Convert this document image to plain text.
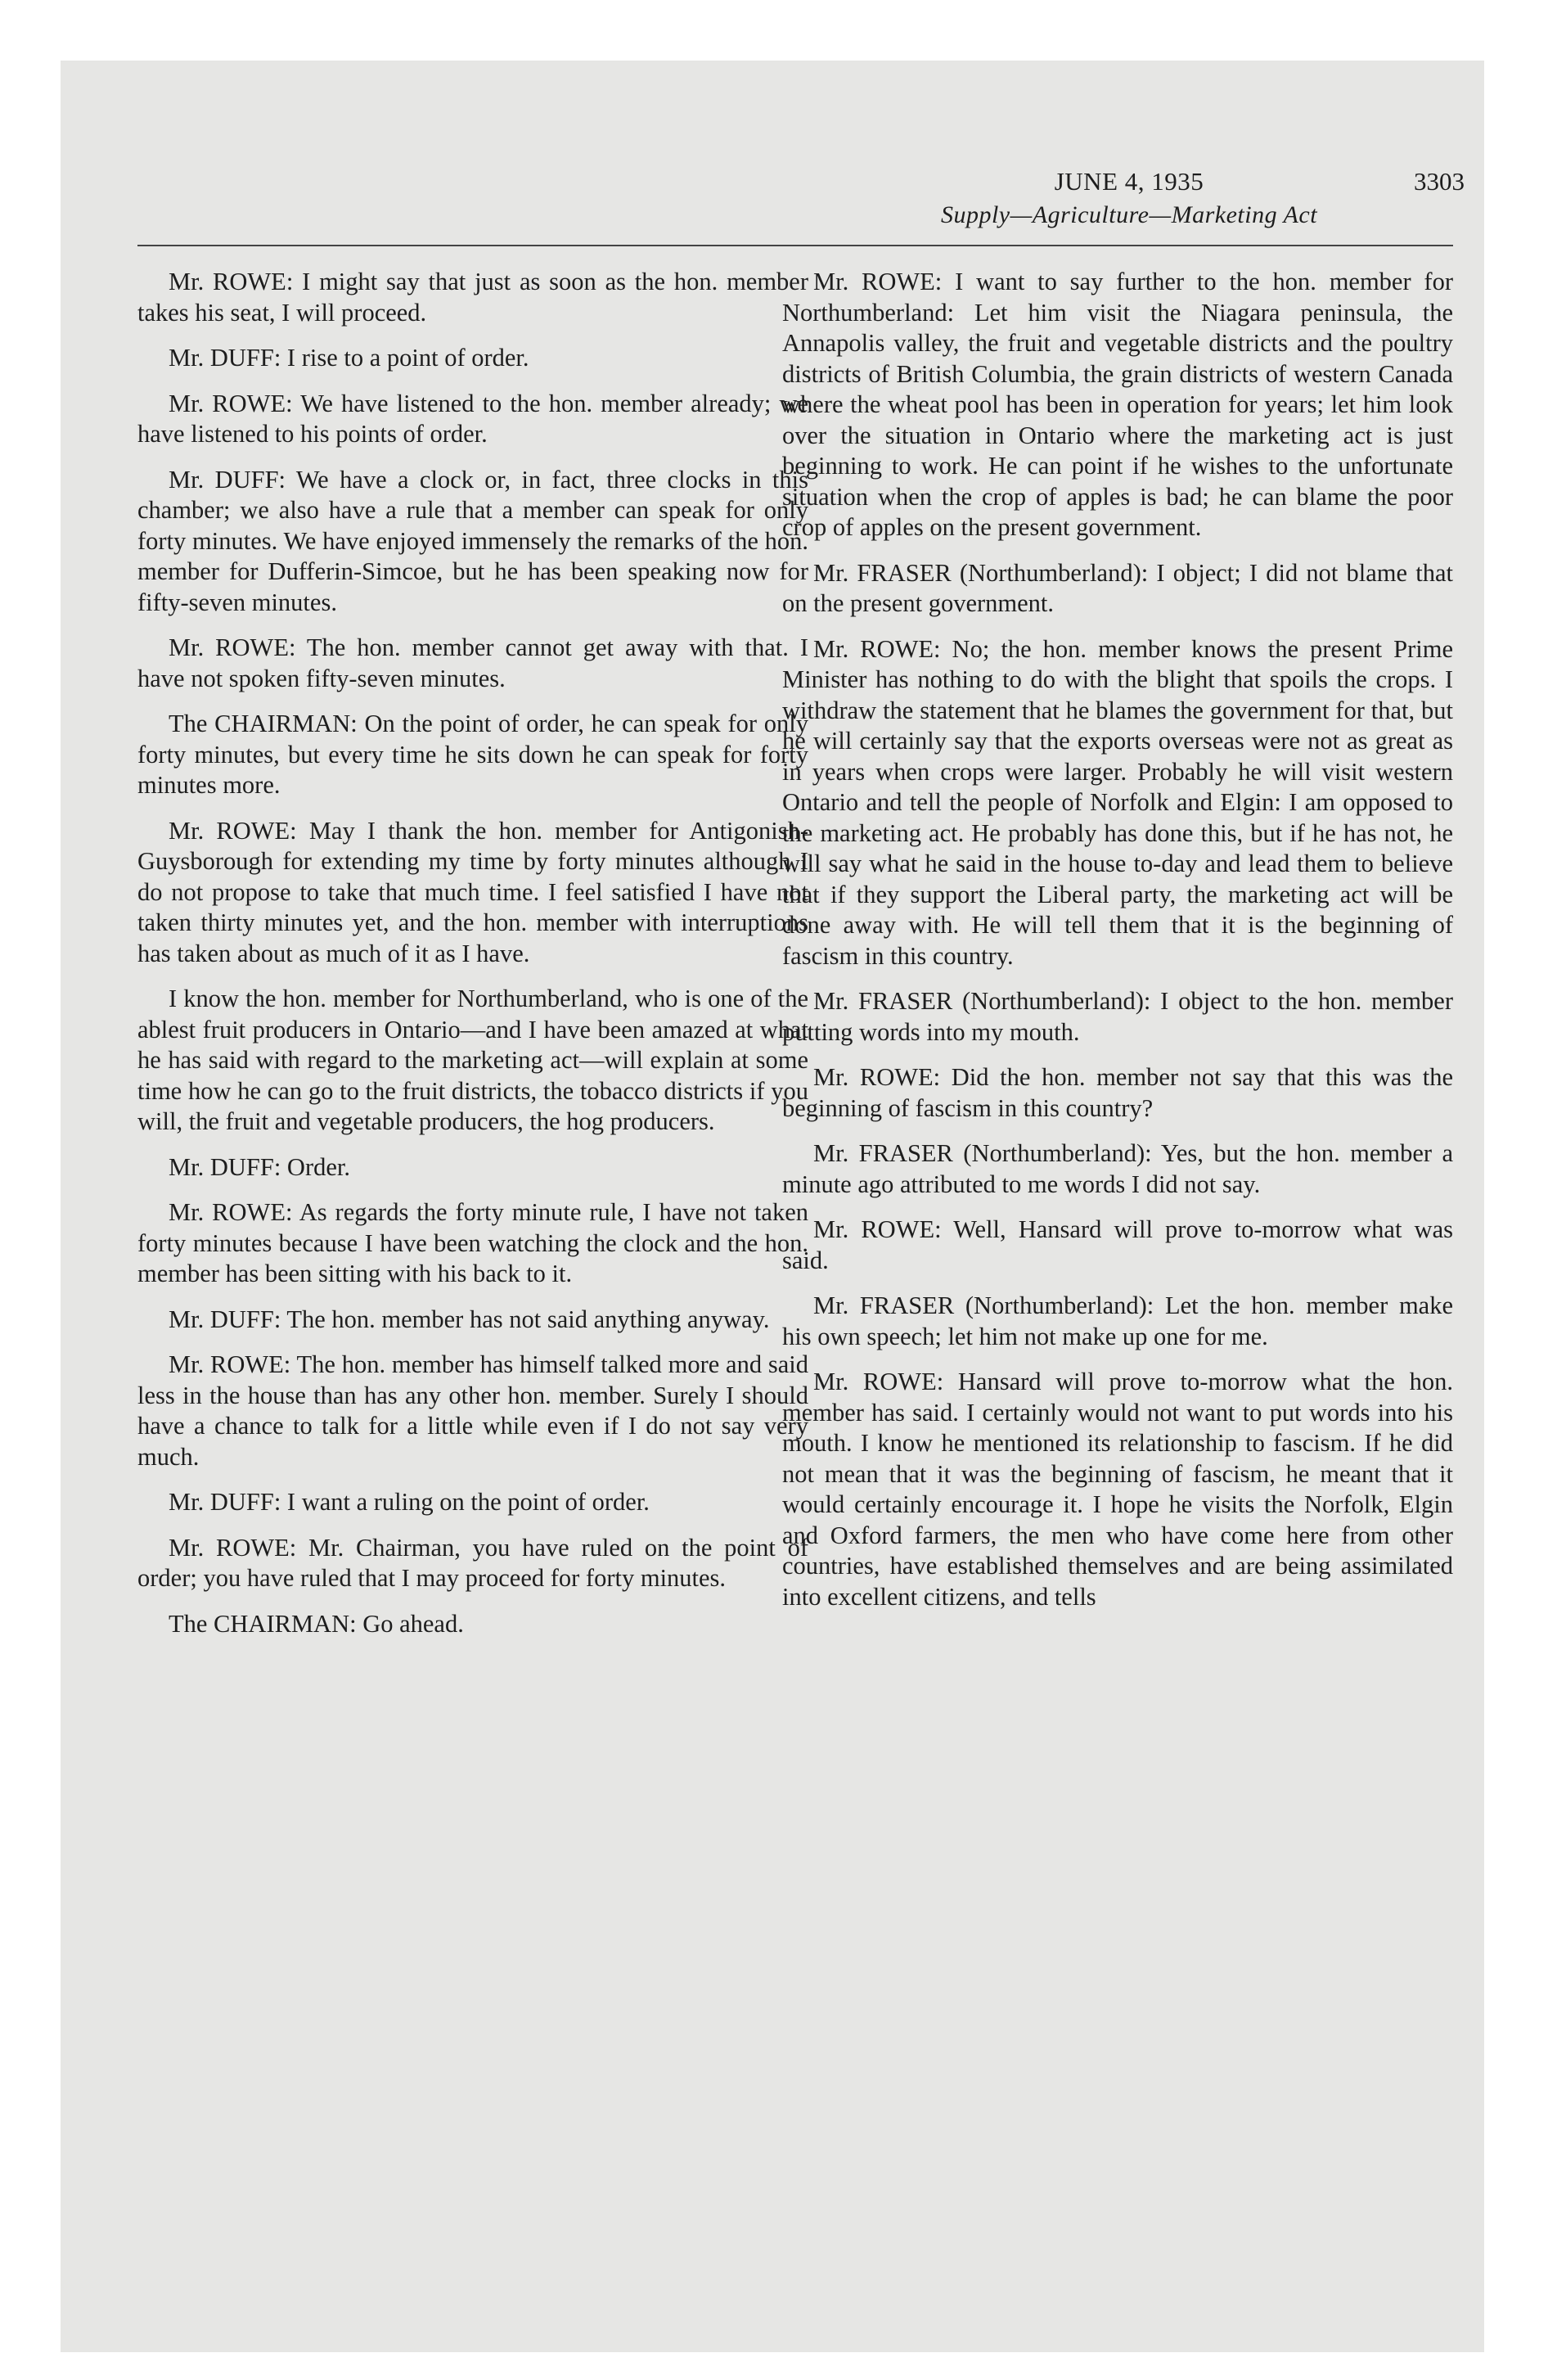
JUNE 4, 1935	3303
Supply—Agriculture—Marketing Act

Mr. ROWE: I might say that just as soon as the hon. member takes his seat, I will proceed.

Mr. DUFF: I rise to a point of order.

Mr. ROWE: We have listened to the hon. member already; we have listened to his points of order.

Mr. DUFF: We have a clock or, in fact, three clocks in this chamber; we also have a rule that a member can speak for only forty minutes. We have enjoyed immensely the remarks of the hon. member for Dufferin-Simcoe, but he has been speaking now for fifty-seven minutes.

Mr. ROWE: The hon. member cannot get away with that. I have not spoken fifty-seven minutes.

The CHAIRMAN: On the point of order, he can speak for only forty minutes, but every time he sits down he can speak for forty minutes more.

Mr. ROWE: May I thank the hon. member for Antigonish-Guysborough for extending my time by forty minutes although I do not propose to take that much time. I feel satisfied I have not taken thirty minutes yet, and the hon. member with interruptions has taken about as much of it as I have.

I know the hon. member for Northumberland, who is one of the ablest fruit producers in Ontario—and I have been amazed at what he has said with regard to the marketing act—will explain at some time how he can go to the fruit districts, the tobacco districts if you will, the fruit and vegetable producers, the hog producers.

Mr. DUFF: Order.

Mr. ROWE: As regards the forty minute rule, I have not taken forty minutes because I have been watching the clock and the hon. member has been sitting with his back to it.

Mr. DUFF: The hon. member has not said anything anyway.

Mr. ROWE: The hon. member has himself talked more and said less in the house than has any other hon. member. Surely I should have a chance to talk for a little while even if I do not say very much.

Mr. DUFF: I want a ruling on the point of order.

Mr. ROWE: Mr. Chairman, you have ruled on the point of order; you have ruled that I may proceed for forty minutes.

The CHAIRMAN: Go ahead.

Mr. ROWE: I want to say further to the hon. member for Northumberland: Let him visit the Niagara peninsula, the Annapolis valley, the fruit and vegetable districts and the poultry districts of British Columbia, the grain districts of western Canada where the wheat pool has been in operation for years; let him look over the situation in Ontario where the marketing act is just beginning to work. He can point if he wishes to the unfortunate situation when the crop of apples is bad; he can blame the poor crop of apples on the present government.

Mr. FRASER (Northumberland): I object; I did not blame that on the present government.

Mr. ROWE: No; the hon. member knows the present Prime Minister has nothing to do with the blight that spoils the crops. I withdraw the statement that he blames the government for that, but he will certainly say that the exports overseas were not as great as in years when crops were larger. Probably he will visit western Ontario and tell the people of Norfolk and Elgin: I am opposed to the marketing act. He probably has done this, but if he has not, he will say what he said in the house to-day and lead them to believe that if they support the Liberal party, the marketing act will be done away with. He will tell them that it is the beginning of fascism in this country.

Mr. FRASER (Northumberland): I object to the hon. member putting words into my mouth.

Mr. ROWE: Did the hon. member not say that this was the beginning of fascism in this country?

Mr. FRASER (Northumberland): Yes, but the hon. member a minute ago attributed to me words I did not say.

Mr. ROWE: Well, Hansard will prove to-morrow what was said.

Mr. FRASER (Northumberland): Let the hon. member make his own speech; let him not make up one for me.

Mr. ROWE: Hansard will prove to-morrow what the hon. member has said. I certainly would not want to put words into his mouth. I know he mentioned its relationship to fascism. If he did not mean that it was the beginning of fascism, he meant that it would certainly encourage it. I hope he visits the Norfolk, Elgin and Oxford farmers, the men who have come here from other countries, have established themselves and are being assimilated into excellent citizens, and tells
